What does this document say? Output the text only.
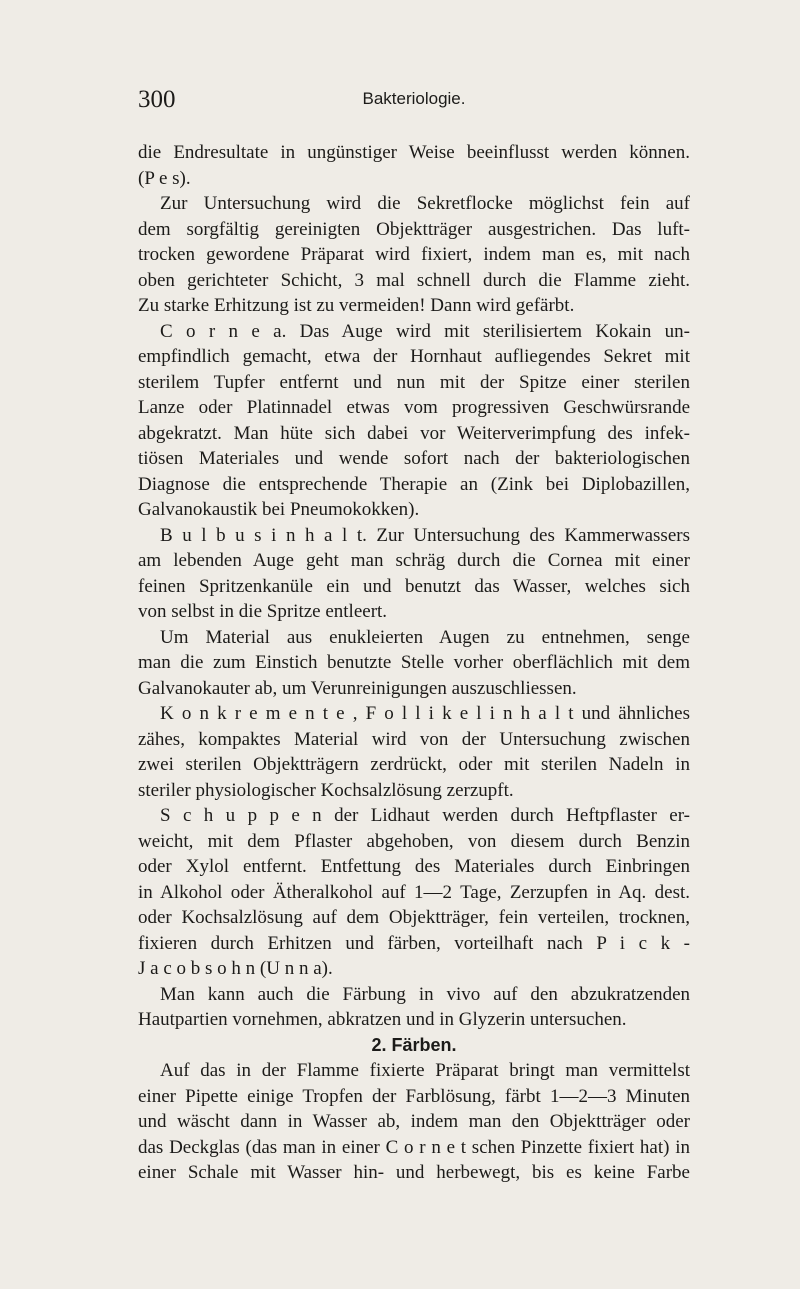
300	Bakteriologie.
die Endresultate in ungünstiger Weise beeinflusst werden können.
(P e s).
Zur Untersuchung wird die Sekretflocke möglichst fein auf
dem sorgfältig gereinigten Objektträger ausgestrichen. Das luft-
trocken gewordene Präparat wird fixiert, indem man es, mit nach
oben gerichteter Schicht, 3 mal schnell durch die Flamme zieht.
Zu starke Erhitzung ist zu vermeiden! Dann wird gefärbt.
C o r n e a. Das Auge wird mit sterilisiertem Kokain un-
empfindlich gemacht, etwa der Hornhaut aufliegendes Sekret mit
sterilem Tupfer entfernt und nun mit der Spitze einer sterilen
Lanze oder Platinnadel etwas vom progressiven Geschwürsrande
abgekratzt. Man hüte sich dabei vor Weiterverimpfung des infek-
tiösen Materiales und wende sofort nach der bakteriologischen
Diagnose die entsprechende Therapie an (Zink bei Diplobazillen,
Galvanokaustik bei Pneumokokken).
B u l b u s i n h a l t. Zur Untersuchung des Kammerwassers
am lebenden Auge geht man schräg durch die Cornea mit einer
feinen Spritzenkanüle ein und benutzt das Wasser, welches sich
von selbst in die Spritze entleert.
Um Material aus enukleierten Augen zu entnehmen, senge
man die zum Einstich benutzte Stelle vorher oberflächlich mit dem
Galvanokauter ab, um Verunreinigungen auszuschliessen.
K o n k r e m e n t e , F o l l i k e l i n h a l t und ähnliches
zähes, kompaktes Material wird von der Untersuchung zwischen
zwei sterilen Objektträgern zerdrückt, oder mit sterilen Nadeln in
steriler physiologischer Kochsalzlösung zerzupft.
S c h u p p e n der Lidhaut werden durch Heftpflaster er-
weicht, mit dem Pflaster abgehoben, von diesem durch Benzin
oder Xylol entfernt. Entfettung des Materiales durch Einbringen
in Alkohol oder Ätheralkohol auf 1—2 Tage, Zerzupfen in Aq. dest.
oder Kochsalzlösung auf dem Objektträger, fein verteilen, trocknen,
fixieren durch Erhitzen und färben, vorteilhaft nach P i c k -
J a c o b s o h n (U n n a).
Man kann auch die Färbung in vivo auf den abzukratzenden
Hautpartien vornehmen, abkratzen und in Glyzerin untersuchen.
2. Färben.
Auf das in der Flamme fixierte Präparat bringt man vermittelst
einer Pipette einige Tropfen der Farblösung, färbt 1—2—3 Minuten
und wäscht dann in Wasser ab, indem man den Objektträger oder
das Deckglas (das man in einer C o r n e t schen Pinzette fixiert hat) in
einer Schale mit Wasser hin- und herbewegt, bis es keine Farbe
